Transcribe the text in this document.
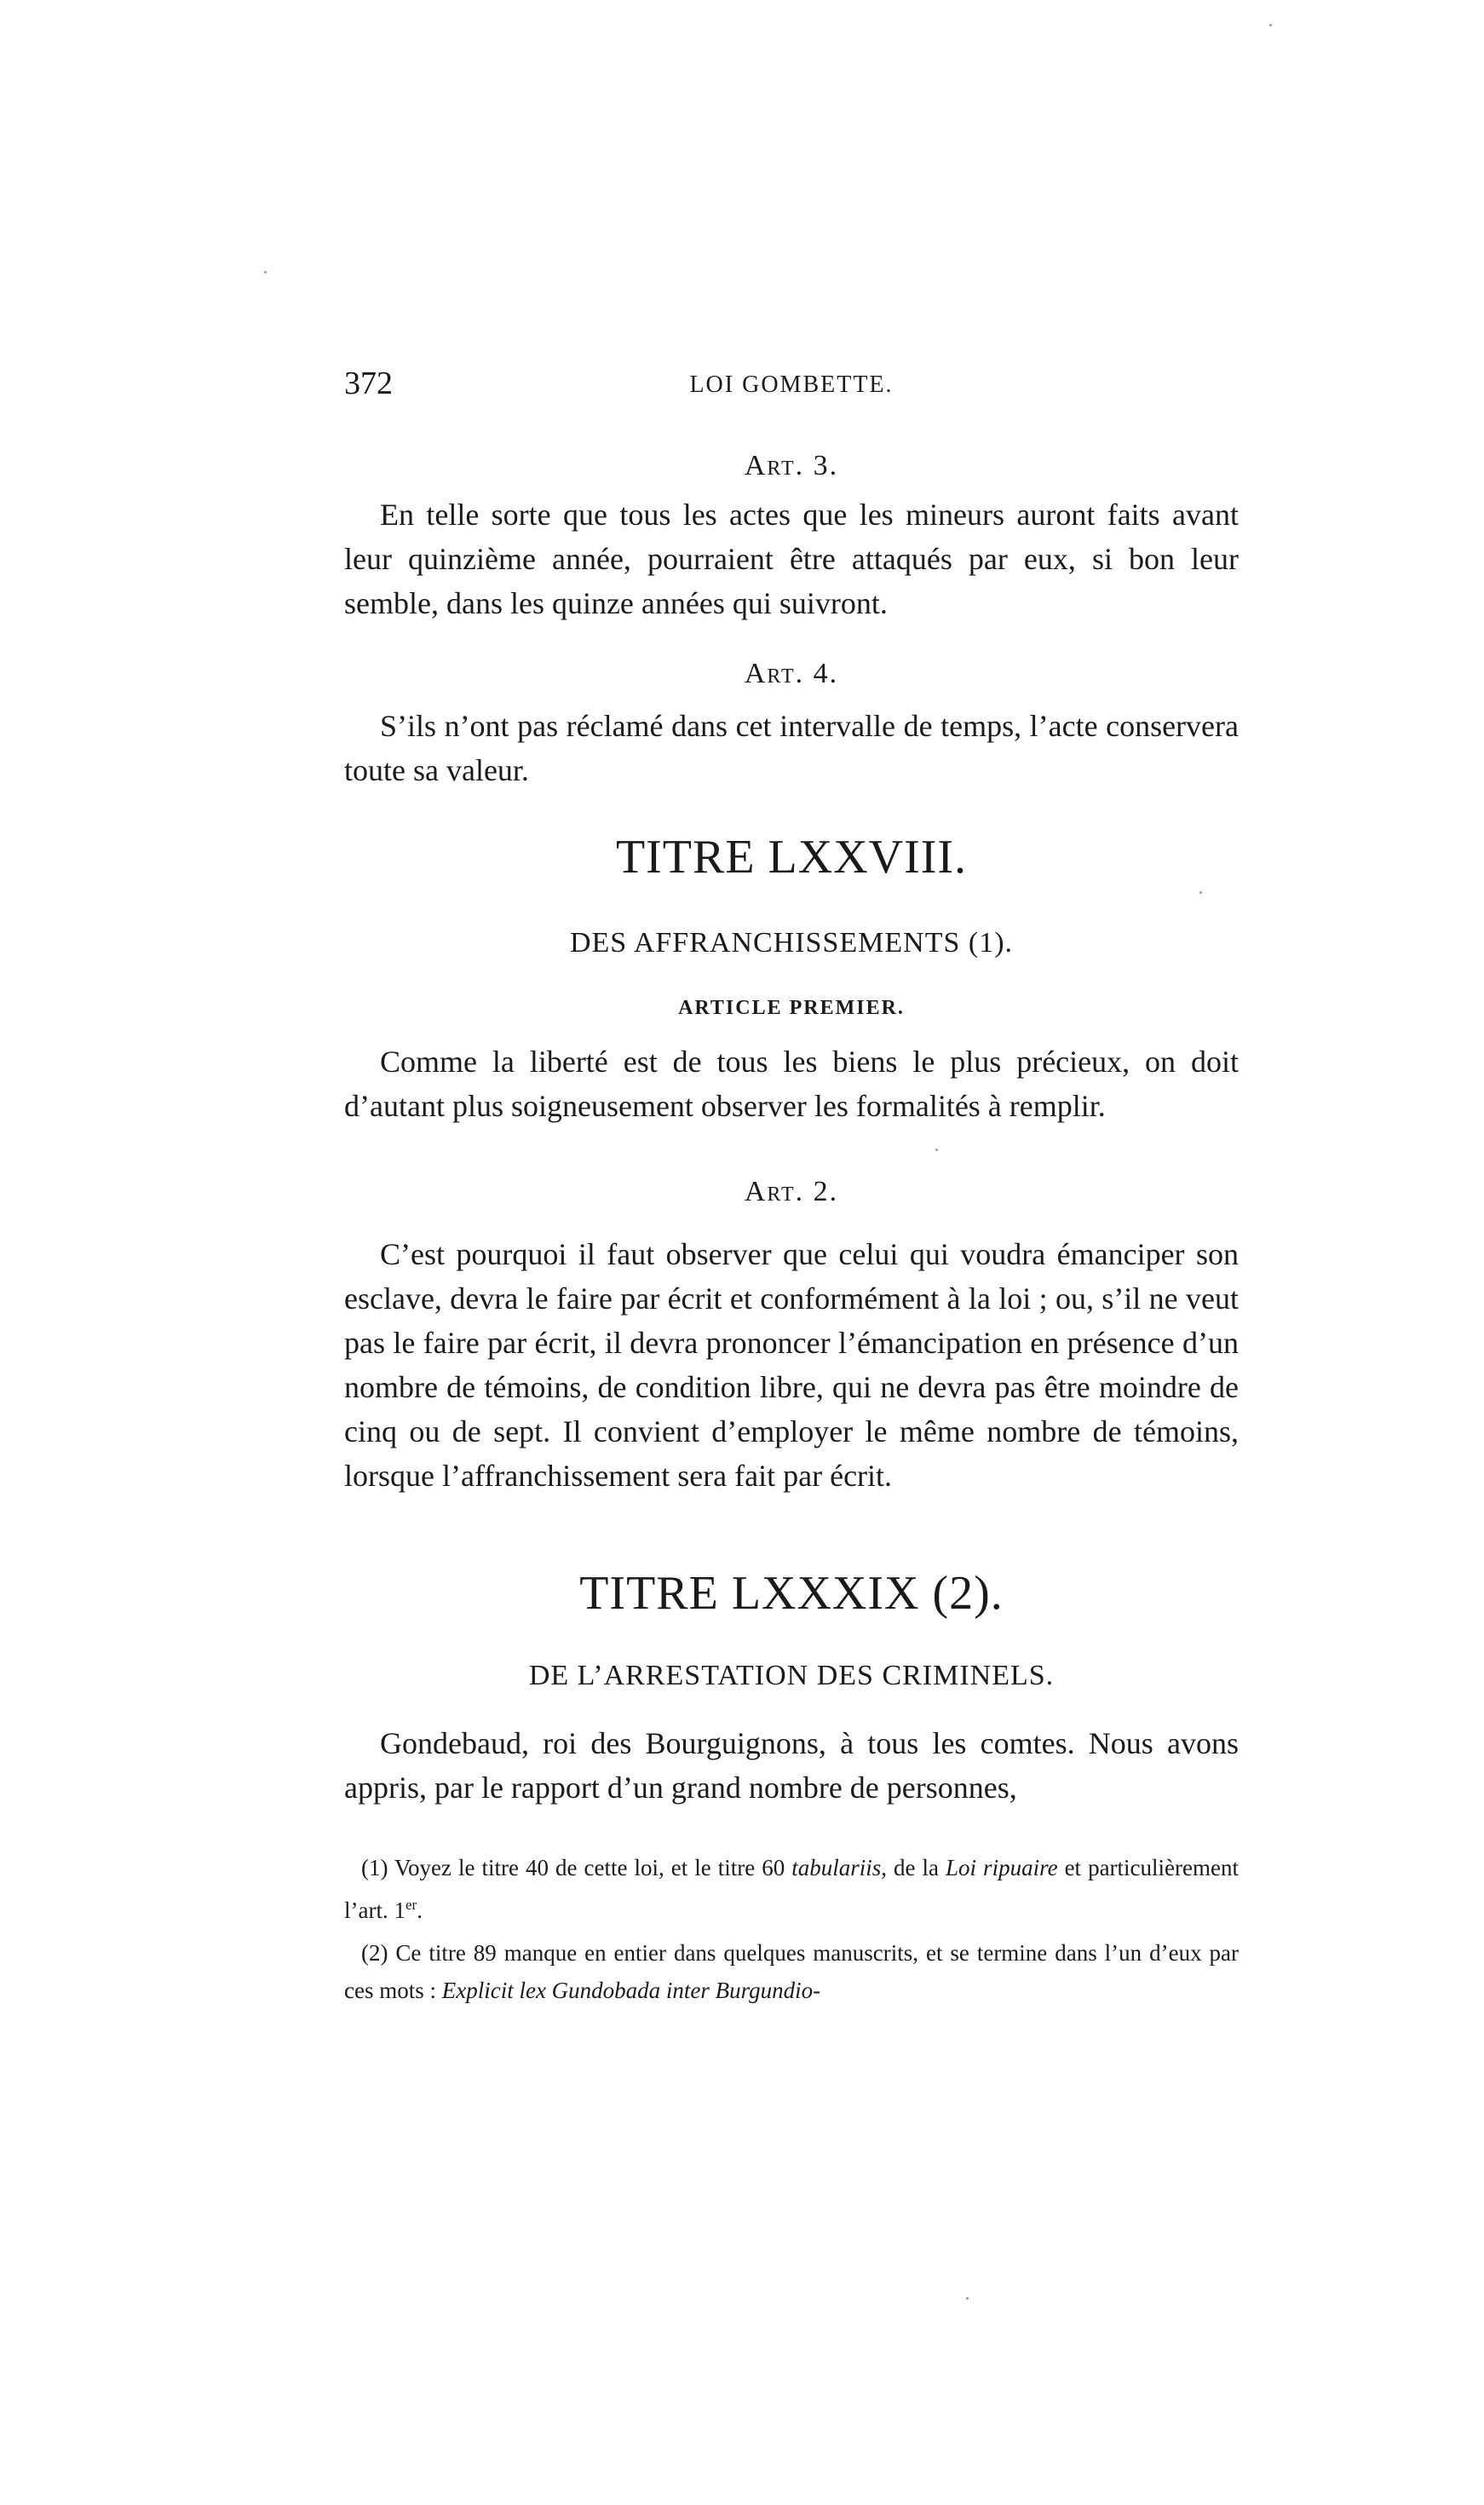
372	LOI GOMBETTE.
Art. 3.

En telle sorte que tous les actes que les mineurs auront faits avant leur quinzième année, pourraient être attaqués par eux, si bon leur semble, dans les quinze années qui suivront.

Art. 4.

S’ils n’ont pas réclamé dans cet intervalle de temps, l’acte conservera toute sa valeur.

TITRE LXXVIII.
DES AFFRANCHISSEMENTS (1).
ARTICLE PREMIER.

Comme la liberté est de tous les biens le plus précieux, on doit d’autant plus soigneusement observer les formalités à remplir.

Art. 2.

C’est pourquoi il faut observer que celui qui voudra émanciper son esclave, devra le faire par écrit et conformément à la loi ; ou, s’il ne veut pas le faire par écrit, il devra prononcer l’émancipation en présence d’un nombre de témoins, de condition libre, qui ne devra pas être moindre de cinq ou de sept. Il convient d’employer le même nombre de témoins, lorsque l’affranchissement sera fait par écrit.

TITRE LXXXIX (2).
DE L’ARRESTATION DES CRIMINELS.

Gondebaud, roi des Bourguignons, à tous les comtes. Nous avons appris, par le rapport d’un grand nombre de personnes,

(1) Voyez le titre 40 de cette loi, et le titre 60 tabulariis, de la Loi ripuaire et particulièrement l’art. 1er.

(2) Ce titre 89 manque en entier dans quelques manuscrits, et se termine dans l’un d’eux par ces mots : Explicit lex Gundobada inter Burgundio-
